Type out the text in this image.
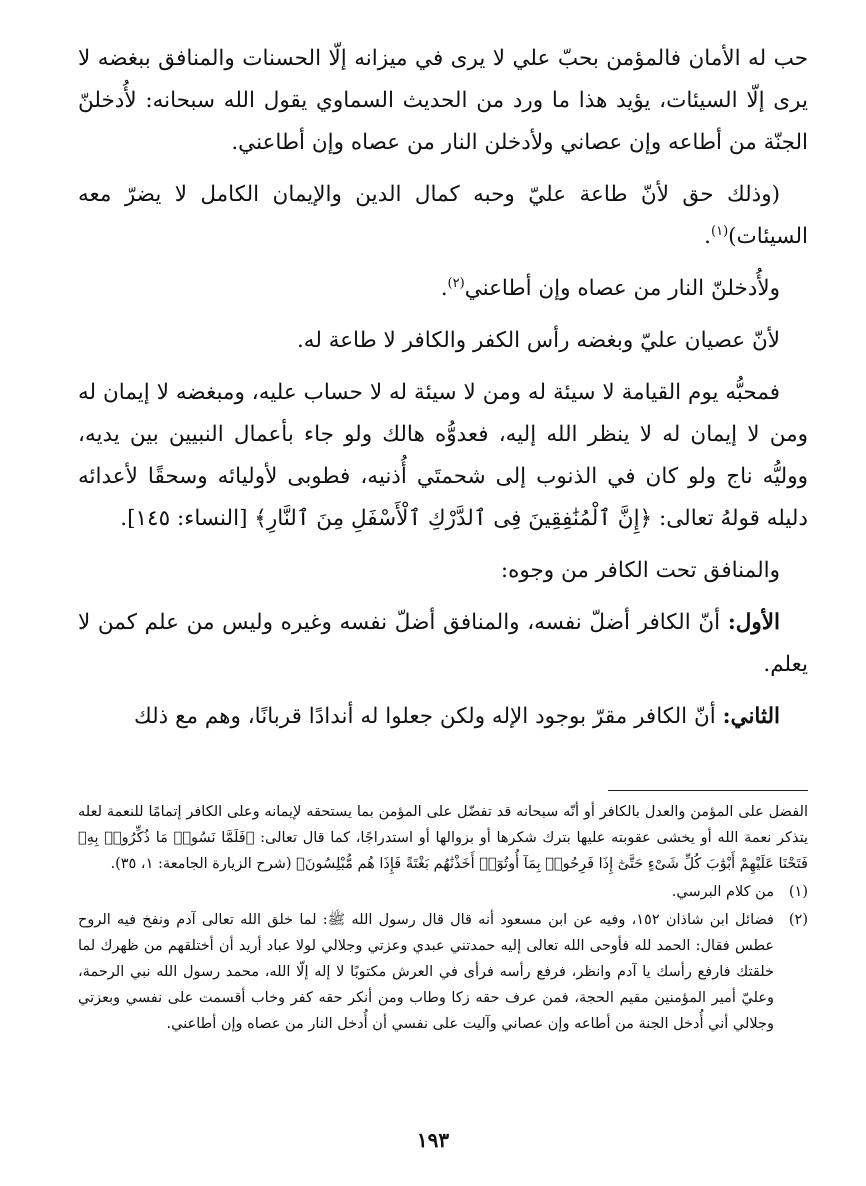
حب له الأمان فالمؤمن بحبّ علي لا يرى في ميزانه إلّا الحسنات والمنافق ببغضه لا يرى إلّا السيئات، يؤيد هذا ما ورد من الحديث السماوي يقول الله سبحانه: لأُدخلنّ الجنّة من أطاعه وإن عصاني ولأدخلن النار من عصاه وإن أطاعني.

(وذلك حق لأنّ طاعة عليّ وحبه كمال الدين والإيمان الكامل لا يضرّ معه السيئات)$^{(١)}$.

ولأُدخلنّ النار من عصاه وإن أطاعني$^{(٢)}$.

لأنّ عصيان عليّ وبغضه رأس الكفر والكافر لا طاعة له.

فمحبُّه يوم القيامة لا سيئة له ومن لا سيئة له لا حساب عليه، ومبغضه لا إيمان له ومن لا إيمان له لا ينظر الله إليه، فعدوُّه هالك ولو جاء بأعمال النبيين بين يديه، ووليُّه ناج ولو كان في الذنوب إلى شحمتَي أُذنيه، فطوبى لأوليائه وسحقًا لأعدائه دليله قولهُ تعالى: ﴿إِنَّ ٱلْمُنَٰفِقِينَ فِى ٱلدَّرْكِ ٱلْأَسْفَلِ مِنَ ٱلنَّارِ﴾ [النساء: ١٤٥].

والمنافق تحت الكافر من وجوه:

الأول: أنّ الكافر أضلّ نفسه، والمنافق أضلّ نفسه وغيره وليس من علم كمن لا يعلم.

الثاني: أنّ الكافر مقرّ بوجود الإله ولكن جعلوا له أندادًا قربانًا، وهم مع ذلك

الفضل على المؤمن والعدل بالكافر أو أنّه سبحانه قد تفضّل على المؤمن بما يستحقه لإيمانه وعلى الكافر إتمامًا للنعمة لعله يتذكر نعمة الله أو يخشى عقوبته عليها بترك شكرها أو بزوالها أو استدراجًا، كما قال تعالى: ﴿فَلَمَّا نَسُوا۟ مَا ذُكِّرُوا۟ بِهِۦ فَتَحْنَا عَلَيْهِمْ أَبْوَٰبَ كُلِّ شَىْءٍ حَتَّىٰٓ إِذَا فَرِحُوا۟ بِمَآ أُوتُوٓا۟ أَخَذْنَٰهُم بَغْتَةً فَإِذَا هُم مُّبْلِسُونَ﴾ (شرح الزيارة الجامعة: ١، ٣٥).

(١)

من كلام البرسي.

(٢)

فضائل ابن شاذان ١٥٢، وفيه عن ابن مسعود أنه قال قال رسول الله ﷺ: لما خلق الله تعالى آدم ونفخ فيه الروح عطس فقال: الحمد لله فأوحى الله تعالى إليه حمدتني عبدي وعزتي وجلالي لولا عباد أريد أن أختلقهم من ظهرك لما خلقتك فارفع رأسك يا آدم وانظر، فرفع رأسه فرأى في العرش مكتوبًا لا إله إلّا الله، محمد رسول الله نبي الرحمة، وعليّ أمير المؤمنين مقيم الحجة، فمن عرف حقه زكا وطاب ومن أنكر حقه كفر وخاب أقسمت على نفسي وبعزتي وجلالي أني أُدخل الجنة من أطاعه وإن عصاني وآليت على نفسي أن أُدخل النار من عصاه وإن أطاعني.

١٩٣
